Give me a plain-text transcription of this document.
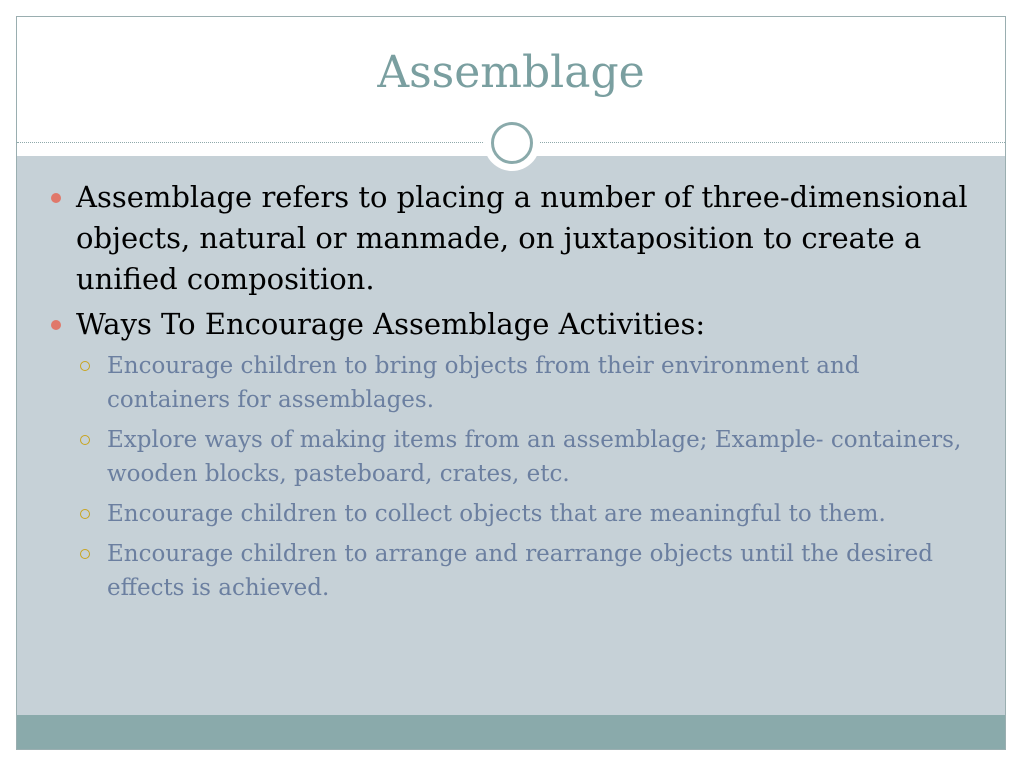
Assemblage
Assemblage refers to placing a number of three-dimensional objects, natural or manmade, on juxtaposition to create a unified composition.
Ways To Encourage Assemblage Activities:
Encourage children to bring objects from their environment and containers for assemblages.
Explore ways of making items from an assemblage; Example- containers, wooden blocks, pasteboard, crates, etc.
Encourage children to collect objects that are meaningful to them.
Encourage children to arrange and rearrange objects until the desired effects is achieved.
